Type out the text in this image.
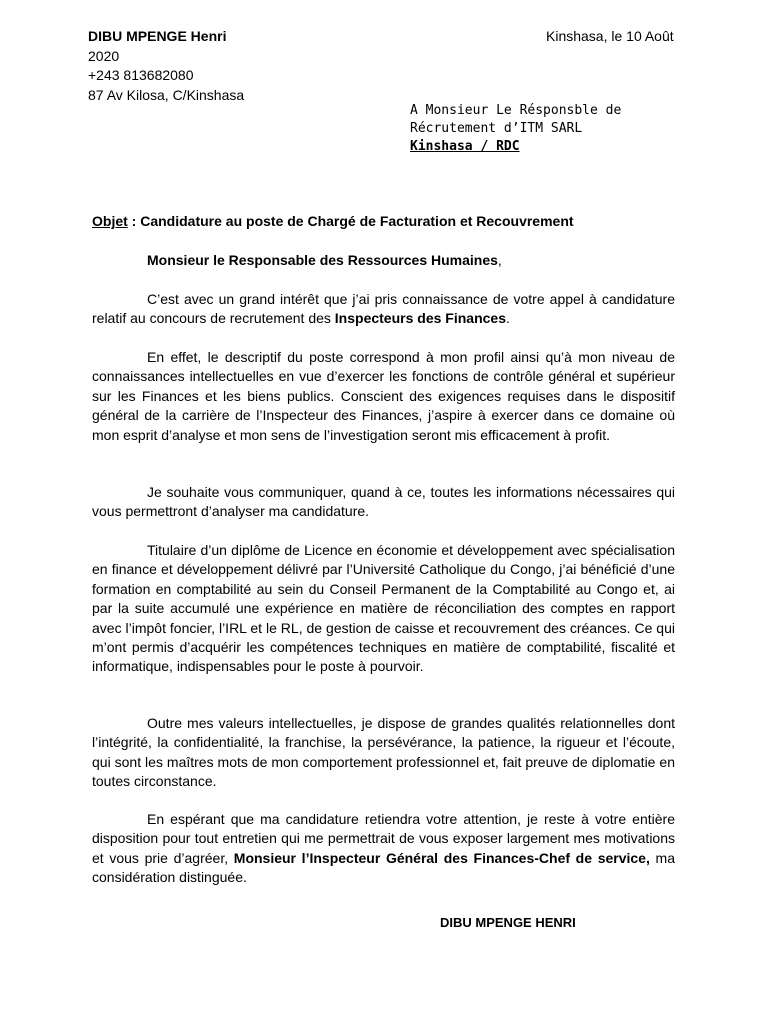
DIBU MPENGE Henri
2020
+243 813682080
87 Av Kilosa, C/Kinshasa
Kinshasa, le 10 Août
A Monsieur Le Résponsble de
Récrutement d’ITM SARL
Kinshasa / RDC
Objet : Candidature au poste de Chargé de Facturation et Recouvrement
Monsieur le Responsable des Ressources Humaines,
C’est avec un grand intérêt que j’ai pris connaissance de votre appel à candidature relatif au concours de recrutement des Inspecteurs des Finances.
En effet, le descriptif du poste correspond à mon profil ainsi qu’à mon niveau de connaissances intellectuelles en vue d’exercer les fonctions de contrôle général et supérieur sur les Finances et les biens publics. Conscient des exigences requises dans le dispositif général de la carrière de l’Inspecteur des Finances, j’aspire à exercer dans ce domaine où mon esprit d’analyse et mon sens de l’investigation seront mis efficacement à profit.
Je souhaite vous communiquer, quand à ce, toutes les informations nécessaires qui vous permettront d’analyser ma candidature.
Titulaire d’un diplôme de Licence en économie et développement avec spécialisation en finance et développement délivré par l’Université Catholique du Congo, j’ai bénéficié d’une formation en comptabilité au sein du Conseil Permanent de la Comptabilité au Congo et, ai par la suite accumulé une expérience en matière de réconciliation des comptes en rapport avec l’impôt foncier, l’IRL et le RL, de gestion de caisse et recouvrement des créances. Ce qui m’ont permis d’acquérir les compétences techniques en matière de comptabilité, fiscalité et informatique, indispensables pour le poste à pourvoir.
Outre mes valeurs intellectuelles, je dispose de grandes qualités relationnelles dont l’intégrité, la confidentialité, la franchise, la persévérance, la patience, la rigueur et l’écoute, qui sont les maîtres mots de mon comportement professionnel et, fait preuve de diplomatie en toutes circonstance.
En espérant que ma candidature retiendra votre attention, je reste à votre entière disposition pour tout entretien qui me permettrait de vous exposer largement mes motivations et vous prie d’agréer, Monsieur l’Inspecteur Général des Finances-Chef de service, ma considération distinguée.
DIBU MPENGE HENRI
